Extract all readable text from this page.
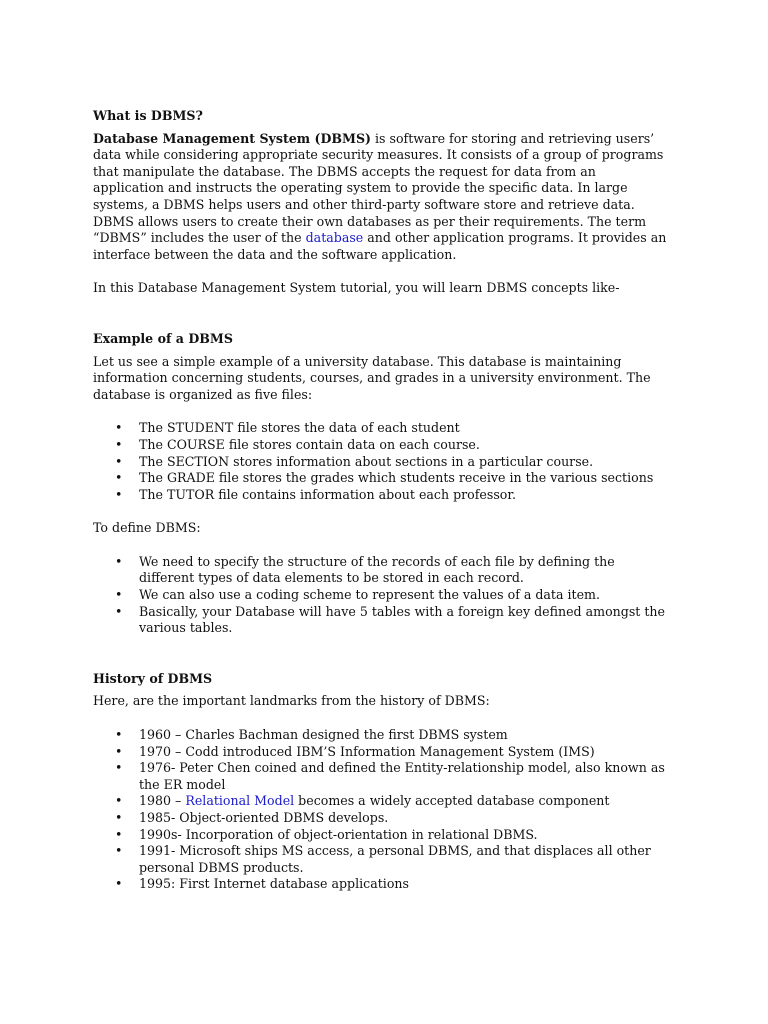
What is DBMS?

Database Management System (DBMS) is software for storing and retrieving users’ data while considering appropriate security measures. It consists of a group of programs that manipulate the database. The DBMS accepts the request for data from an application and instructs the operating system to provide the specific data. In large systems, a DBMS helps users and other third-party software store and retrieve data.

DBMS allows users to create their own databases as per their requirements. The term “DBMS” includes the user of the database and other application programs. It provides an interface between the data and the software application.

In this Database Management System tutorial, you will learn DBMS concepts like-

Example of a DBMS

Let us see a simple example of a university database. This database is maintaining information concerning students, courses, and grades in a university environment. The database is organized as five files:

• The STUDENT file stores the data of each student
• The COURSE file stores contain data on each course.
• The SECTION stores information about sections in a particular course.
• The GRADE file stores the grades which students receive in the various sections
• The TUTOR file contains information about each professor.

To define DBMS:

• We need to specify the structure of the records of each file by defining the different types of data elements to be stored in each record.
• We can also use a coding scheme to represent the values of a data item.
• Basically, your Database will have 5 tables with a foreign key defined amongst the various tables.

History of DBMS

Here, are the important landmarks from the history of DBMS:

• 1960 – Charles Bachman designed the first DBMS system
• 1970 – Codd introduced IBM’S Information Management System (IMS)
• 1976- Peter Chen coined and defined the Entity-relationship model, also known as the ER model
• 1980 – Relational Model becomes a widely accepted database component
• 1985- Object-oriented DBMS develops.
• 1990s- Incorporation of object-orientation in relational DBMS.
• 1991- Microsoft ships MS access, a personal DBMS, and that displaces all other personal DBMS products.
• 1995: First Internet database applications
